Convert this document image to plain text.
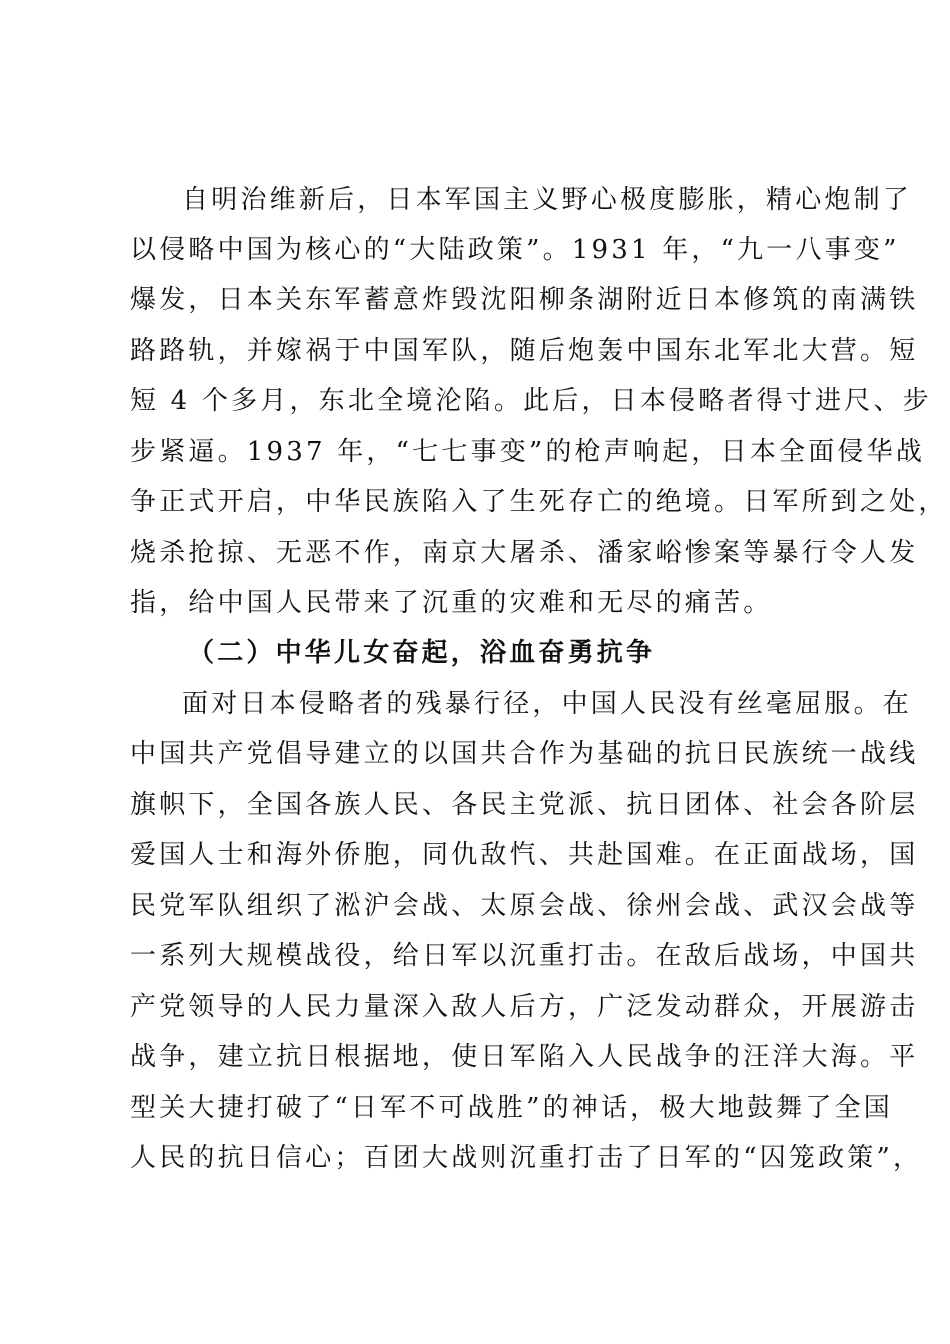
自明治维新后，日本军国主义野心极度膨胀，精心炮制了
以侵略中国为核心的“大陆政策”。1931 年，“九一八事变”
爆发，日本关东军蓄意炸毁沈阳柳条湖附近日本修筑的南满铁
路路轨，并嫁祸于中国军队，随后炮轰中国东北军北大营。短
短 4 个多月，东北全境沦陷。此后，日本侵略者得寸进尺、步
步紧逼。1937 年，“七七事变”的枪声响起，日本全面侵华战
争正式开启，中华民族陷入了生死存亡的绝境。日军所到之处，
烧杀抢掠、无恶不作，南京大屠杀、潘家峪惨案等暴行令人发
指，给中国人民带来了沉重的灾难和无尽的痛苦。
（二）中华儿女奋起，浴血奋勇抗争
面对日本侵略者的残暴行径，中国人民没有丝毫屈服。在
中国共产党倡导建立的以国共合作为基础的抗日民族统一战线
旗帜下，全国各族人民、各民主党派、抗日团体、社会各阶层
爱国人士和海外侨胞，同仇敌忾、共赴国难。在正面战场，国
民党军队组织了淞沪会战、太原会战、徐州会战、武汉会战等
一系列大规模战役，给日军以沉重打击。在敌后战场，中国共
产党领导的人民力量深入敌人后方，广泛发动群众，开展游击
战争，建立抗日根据地，使日军陷入人民战争的汪洋大海。平
型关大捷打破了“日军不可战胜”的神话，极大地鼓舞了全国
人民的抗日信心；百团大战则沉重打击了日军的“囚笼政策”，
